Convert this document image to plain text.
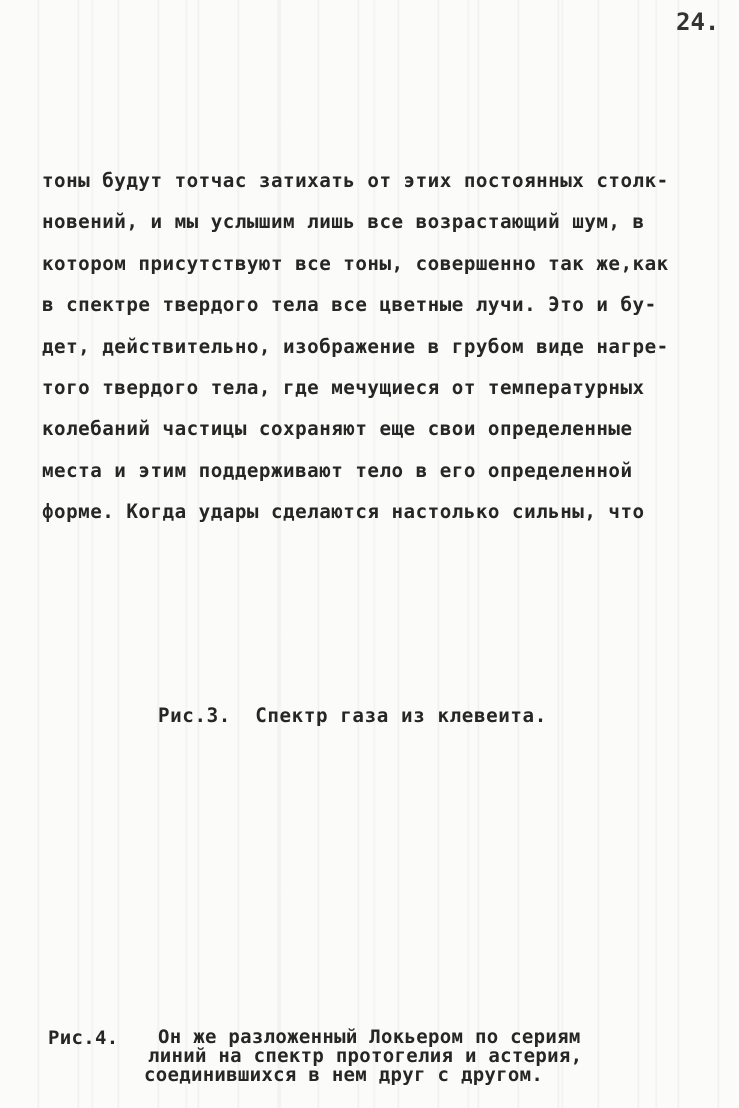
24.
тоны будут тотчас затихать от этих постоянных столк-
новений, и мы услышим лишь все возрастающий шум, в
котором присутствуют все тоны, совершенно так же,как
в спектре твердого тела все цветные лучи. Это и бу-
дет, действительно, изображение в грубом виде нагре-
того твердого тела, где мечущиеся от температурных
колебаний частицы сохраняют еще свои определенные
места и этим поддерживают тело в его определенной
форме. Когда удары сделаются настолько сильны, что
Рис.3.  Спектр газа из клевеита.
Рис.4. Он же разложенный Локьером по сериям
линий на спектр протогелия и астерия,
соединившихся в нем друг с другом.
